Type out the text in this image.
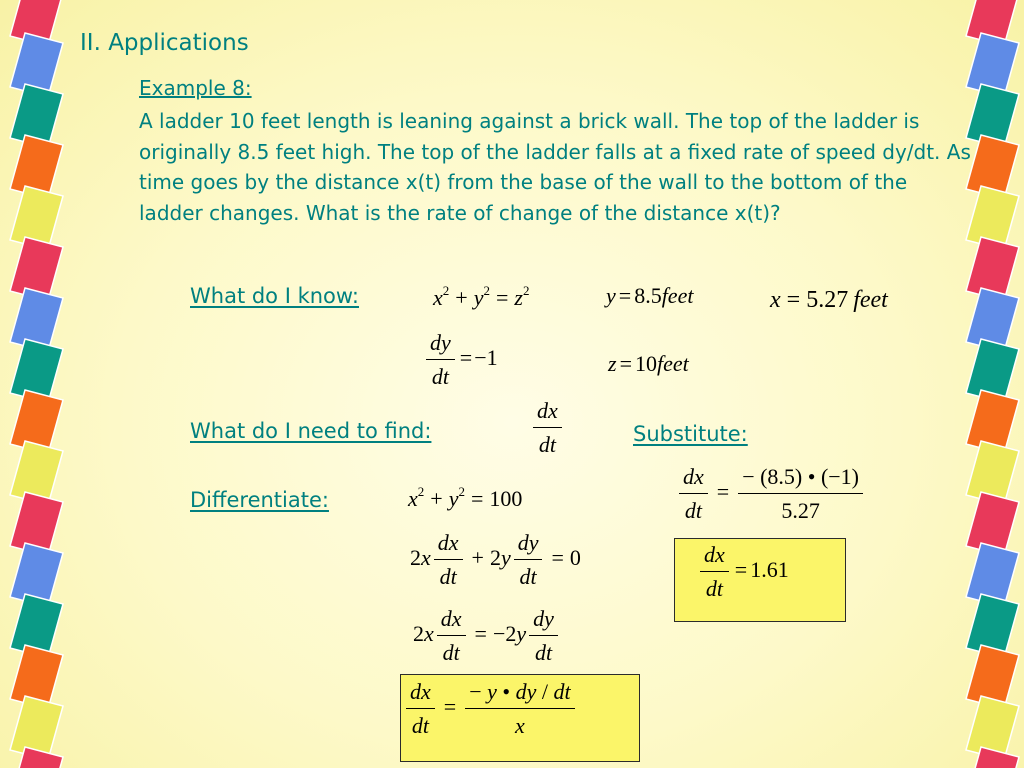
II. Applications
Example 8:
A ladder 10 feet length is leaning against a brick wall. The top of the ladder is originally 8.5 feet high. The top of the ladder falls at a fixed rate of speed dy/dt. As time goes by the distance x(t) from the base of the wall to the bottom of the ladder changes. What is the rate of change of the distance x(t)?
What do I know:
What do I need to find:
Differentiate:
Substitute:
$x^2 + y^2 = z^2$	y = 8.5feet	x = 5.27 feet
$\frac{dy}{dt} =-1$	z = 10feet
$\frac{dx}{dt}$
$x^2 + y^2 = 100$
$2x \frac{dx}{dt} + 2y \frac{dy}{dt} = 0$
$2x \frac{dx}{dt} = -2y \frac{dy}{dt}$
$\frac{dx}{dt} = \frac{- y • dy / dt}{x}$
$\frac{dx}{dt} = \frac{- (8.5) • (-1)}{5.27}$
$\frac{dx}{dt} = 1.61$
